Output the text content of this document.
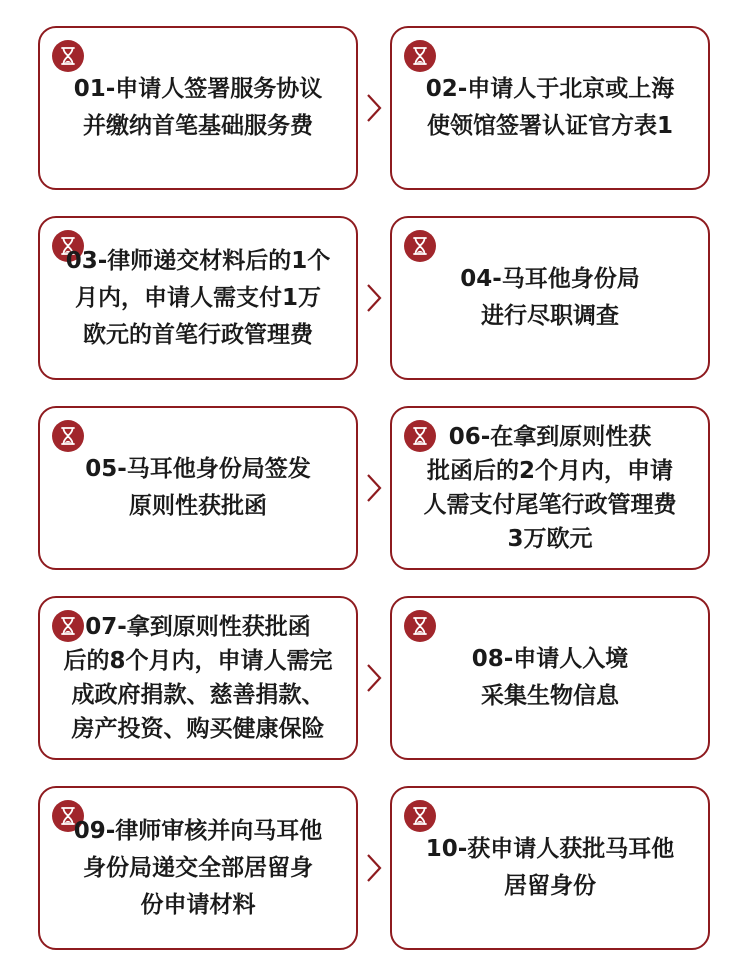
01-申请人签署服务协议
并缴纳首笔基础服务费
02-申请人于北京或上海
使领馆签署认证官方表1
03-律师递交材料后的1个
月内，申请人需支付1万
欧元的首笔行政管理费
04-马耳他身份局
进行尽职调查
05-马耳他身份局签发
原则性获批函
06-在拿到原则性获
批函后的2个月内，申请
人需支付尾笔行政管理费
3万欧元
07-拿到原则性获批函
后的8个月内，申请人需完
成政府捐款、慈善捐款、
房产投资、购买健康保险
08-申请人入境
采集生物信息
09-律师审核并向马耳他
身份局递交全部居留身
份申请材料
10-获申请人获批马耳他
居留身份
